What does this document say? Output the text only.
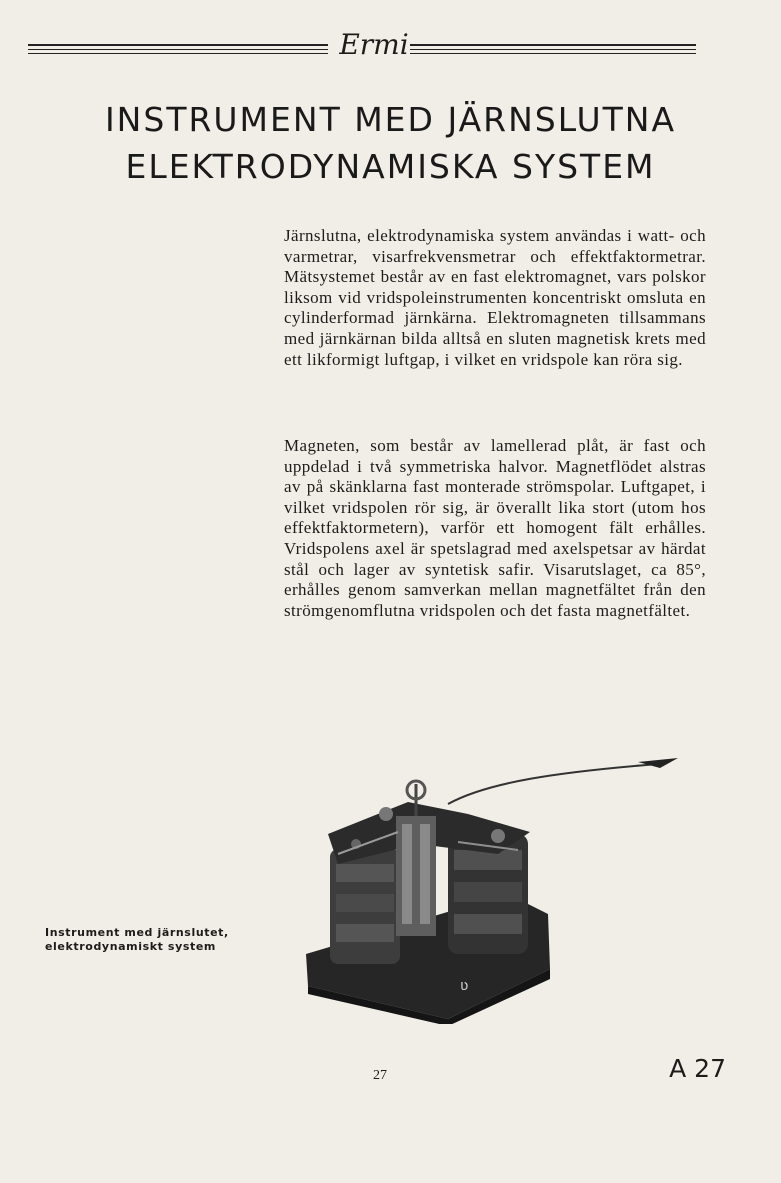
Ermi
INSTRUMENT MED JÄRNSLUTNA
ELEKTRODYNAMISKA SYSTEM

Järnslutna, elektrodynamiska system användas i watt- och varmetrar, visarfrekvensmetrar och effektfaktormetrar. Mätsystemet består av en fast elektromagnet, vars polskor liksom vid vridspoleinstrumenten koncentriskt omsluta en cylinderformad järnkärna. Elektromagneten tillsammans med järnkärnan bilda alltså en sluten magnetisk krets med ett likformigt luftgap, i vilket en vridspole kan röra sig.

Magneten, som består av lamellerad plåt, är fast och uppdelad i två symmetriska halvor. Magnetflödet alstras av på skänklarna fast monterade strömspolar. Luftgapet, i vilket vridspolen rör sig, är överallt lika stort (utom hos effektfaktormetern), varför ett homogent fält erhålles. Vridspolens axel är spetslagrad med axelspetsar av härdat stål och lager av syntetisk safir. Visarutslaget, ca 85°, erhålles genom samverkan mellan magnetfältet från den strömgenomflutna vridspolen och det fasta magnetfältet.

ʋ

Instrument med järnslutet, elektrodynamiskt system

27	A 27
